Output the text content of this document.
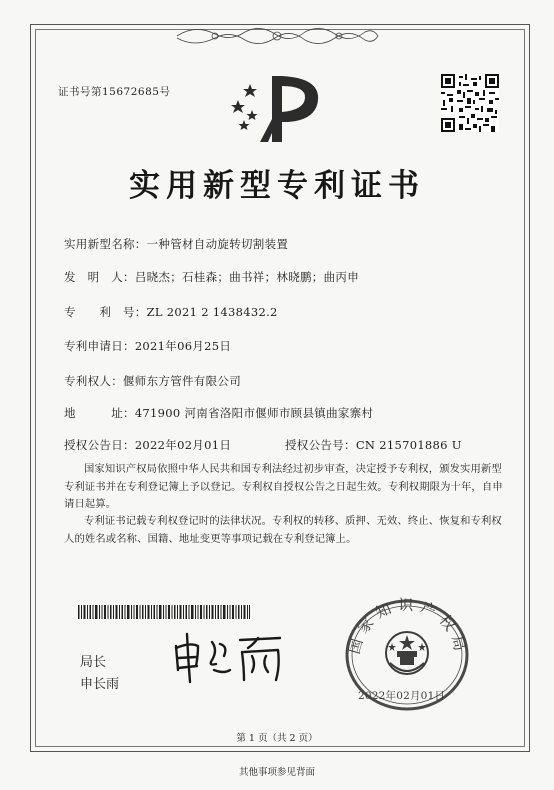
证书号第15672685号
实用新型专利证书
实用新型名称：一种管材自动旋转切割装置
发　明　人：吕晓杰；石桂森；曲书祥；林晓鹏；曲丙申
专　　利　号：ZL 2021 2 1438432.2
专利申请日：2021年06月25日
专利权人：偃师东方管件有限公司
地　　　址：471900 河南省洛阳市偃师市顾县镇曲家寨村
授权公告日：2022年02月01日	授权公告号：CN 215701886 U
国家知识产权局依照中华人民共和国专利法经过初步审查，决定授予专利权，颁发实用新型专利证书并在专利登记簿上予以登记。专利权自授权公告之日起生效。专利权期限为十年，自申请日起算。
专利证书记载专利权登记时的法律状况。专利权的转移、质押、无效、终止、恢复和专利权人的姓名或名称、国籍、地址变更等事项记载在专利登记簿上。
局长
申长雨
国家知识产权局
2022年02月01日
第 1 页（共 2 页）
其他事项参见背面
